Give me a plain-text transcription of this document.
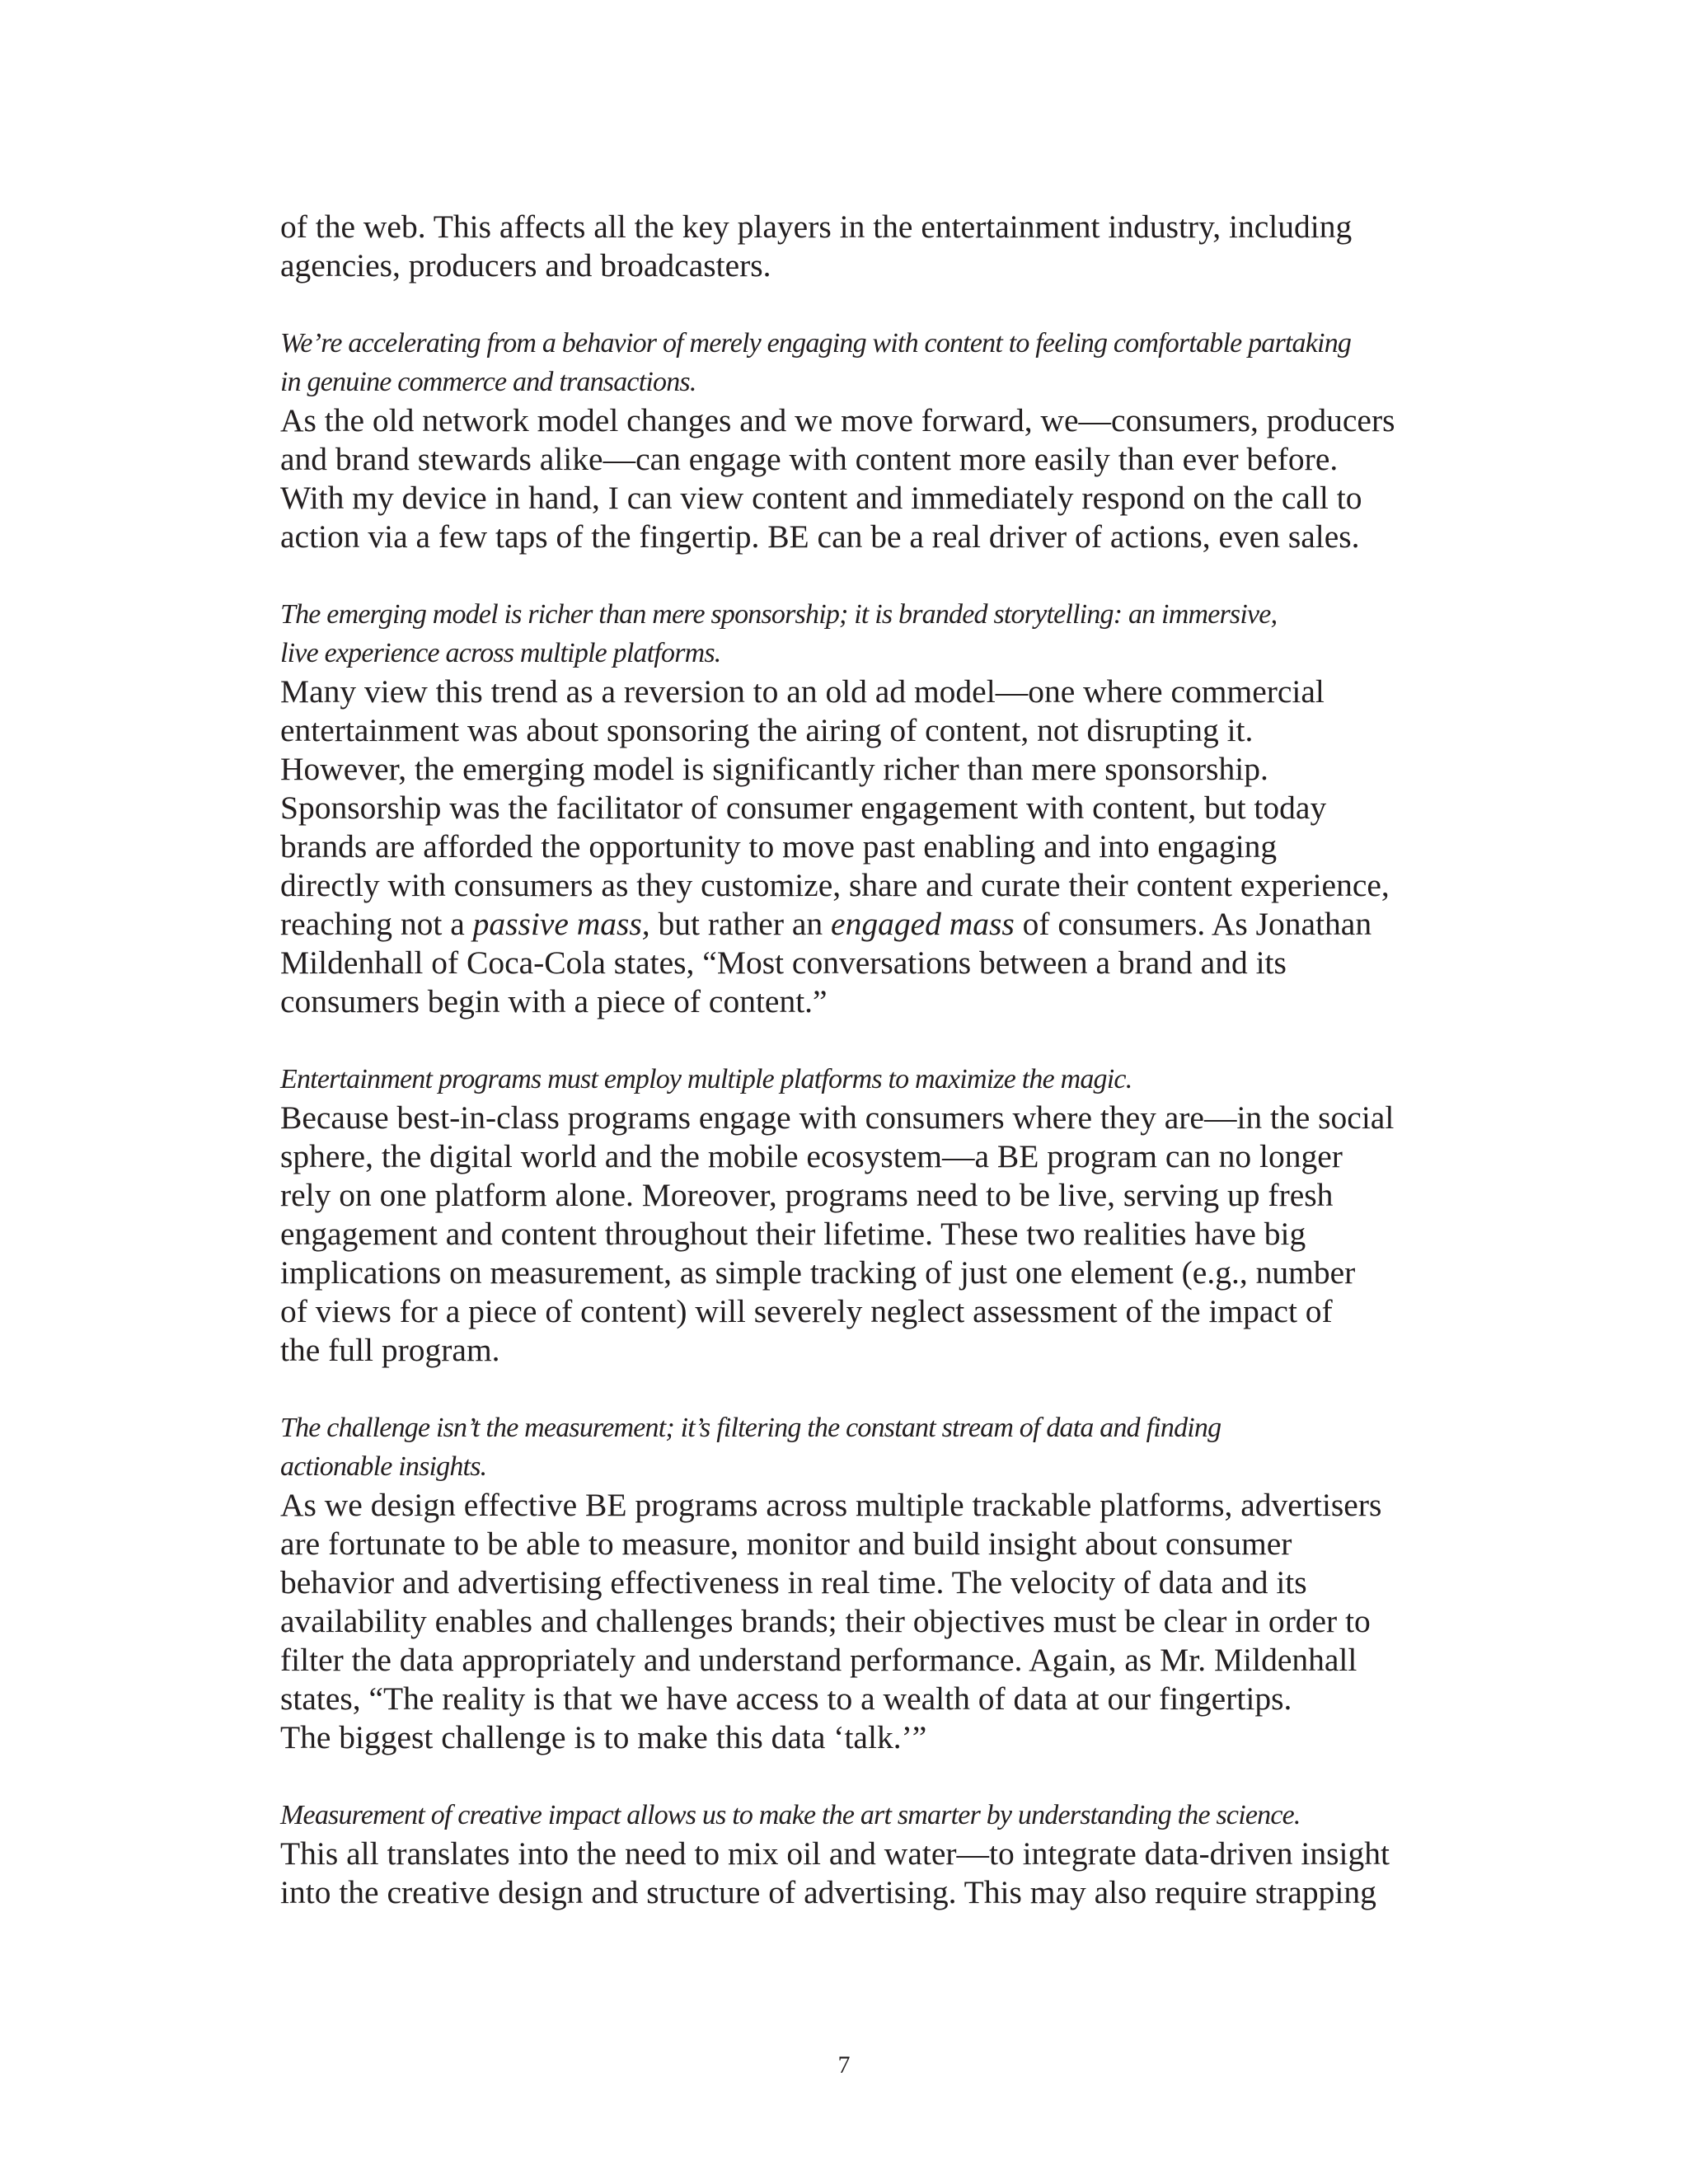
of the web. This affects all the key players in the entertainment industry, including
agencies, producers and broadcasters.

We’re accelerating from a behavior of merely engaging with content to feeling comfortable partaking
in genuine commerce and transactions.

As the old network model changes and we move forward, we—consumers, producers
and brand stewards alike—can engage with content more easily than ever before.
With my device in hand, I can view content and immediately respond on the call to
action via a few taps of the fingertip. BE can be a real driver of actions, even sales.

The emerging model is richer than mere sponsorship; it is branded storytelling: an immersive,
live experience across multiple platforms.

Many view this trend as a reversion to an old ad model—one where commercial
entertainment was about sponsoring the airing of content, not disrupting it.
However, the emerging model is significantly richer than mere sponsorship.
Sponsorship was the facilitator of consumer engagement with content, but today
brands are afforded the opportunity to move past enabling and into engaging
directly with consumers as they customize, share and curate their content experience,
reaching not a passive mass, but rather an engaged mass of consumers. As Jonathan
Mildenhall of Coca-Cola states, “Most conversations between a brand and its
consumers begin with a piece of content.”

Entertainment programs must employ multiple platforms to maximize the magic.

Because best-in-class programs engage with consumers where they are—in the social
sphere, the digital world and the mobile ecosystem—a BE program can no longer
rely on one platform alone. Moreover, programs need to be live, serving up fresh
engagement and content throughout their lifetime. These two realities have big
implications on measurement, as simple tracking of just one element (e.g., number
of views for a piece of content) will severely neglect assessment of the impact of
the full program.

The challenge isn’t the measurement; it’s filtering the constant stream of data and finding
actionable insights.

As we design effective BE programs across multiple trackable platforms, advertisers
are fortunate to be able to measure, monitor and build insight about consumer
behavior and advertising effectiveness in real time. The velocity of data and its
availability enables and challenges brands; their objectives must be clear in order to
filter the data appropriately and understand performance. Again, as Mr. Mildenhall
states, “The reality is that we have access to a wealth of data at our fingertips.
The biggest challenge is to make this data ‘talk.’”

Measurement of creative impact allows us to make the art smarter by understanding the science.

This all translates into the need to mix oil and water—to integrate data-driven insight
into the creative design and structure of advertising. This may also require strapping

7
